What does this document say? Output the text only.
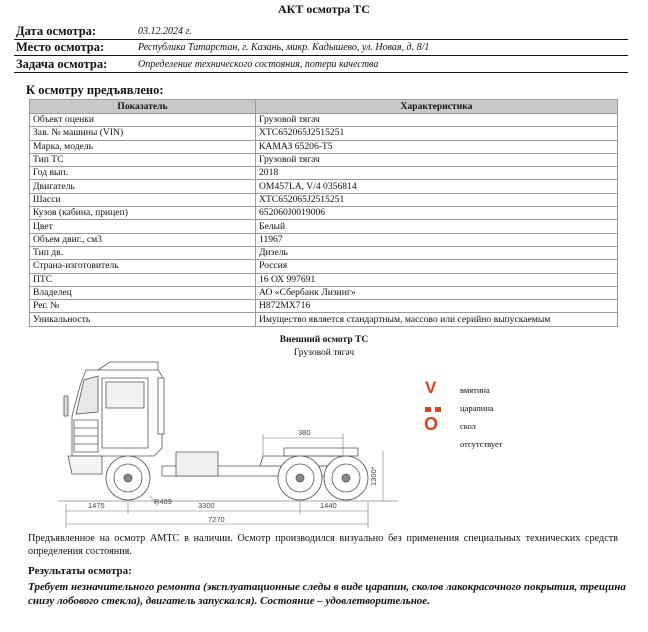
АКТ осмотра ТС
Дата осмотра:	03.12.2024 г.
Место осмотра:	Республика Татарстан, г. Казань, микр. Кадышево, ул. Новая, д. 8/1
Задача осмотра:	Определение технического состояния, потери качества
К осмотру предъявлено:
Показатель	Характеристика
Объект оценки	Грузовой тягач
Зав. № машины (VIN)	XTC652065J2515251
Марка, модель	КАМАЗ 65206-T5
Тип ТС	Грузовой тягач
Год вып.	2018
Двигатель	OM457LA, V/4 0356814
Шасси	XTC652065J2515251
Кузов (кабина, прицеп)	652060J0019006
Цвет	Белый
Объем двиг., см3	11967
Тип дв.	Дизель
Страна-изготовитель	Россия
ПТС	16 ОХ 997691
Владелец	АО «Сбербанк Лизинг»
Рег. №	Н872МХ716
Уникальность	Имущество является стандартным, массово или серийно выпускаемым
Внешний осмотр ТС
Грузовой тягач
1475	3300	1440
7270
R489
380
1300*
V
O
вмятина
царапина
скол
отсутствует
Предъявленное на осмотр АМТС в наличии. Осмотр производился визуально без применения специальных технических средств определения состояния.
Результаты осмотра:
Требует незначительного ремонта (эксплуатационные следы в виде царапин, сколов лакокрасочного покрытия, трещина снизу лобового стекла), двигатель запускался). Состояние – удовлетворительное.
